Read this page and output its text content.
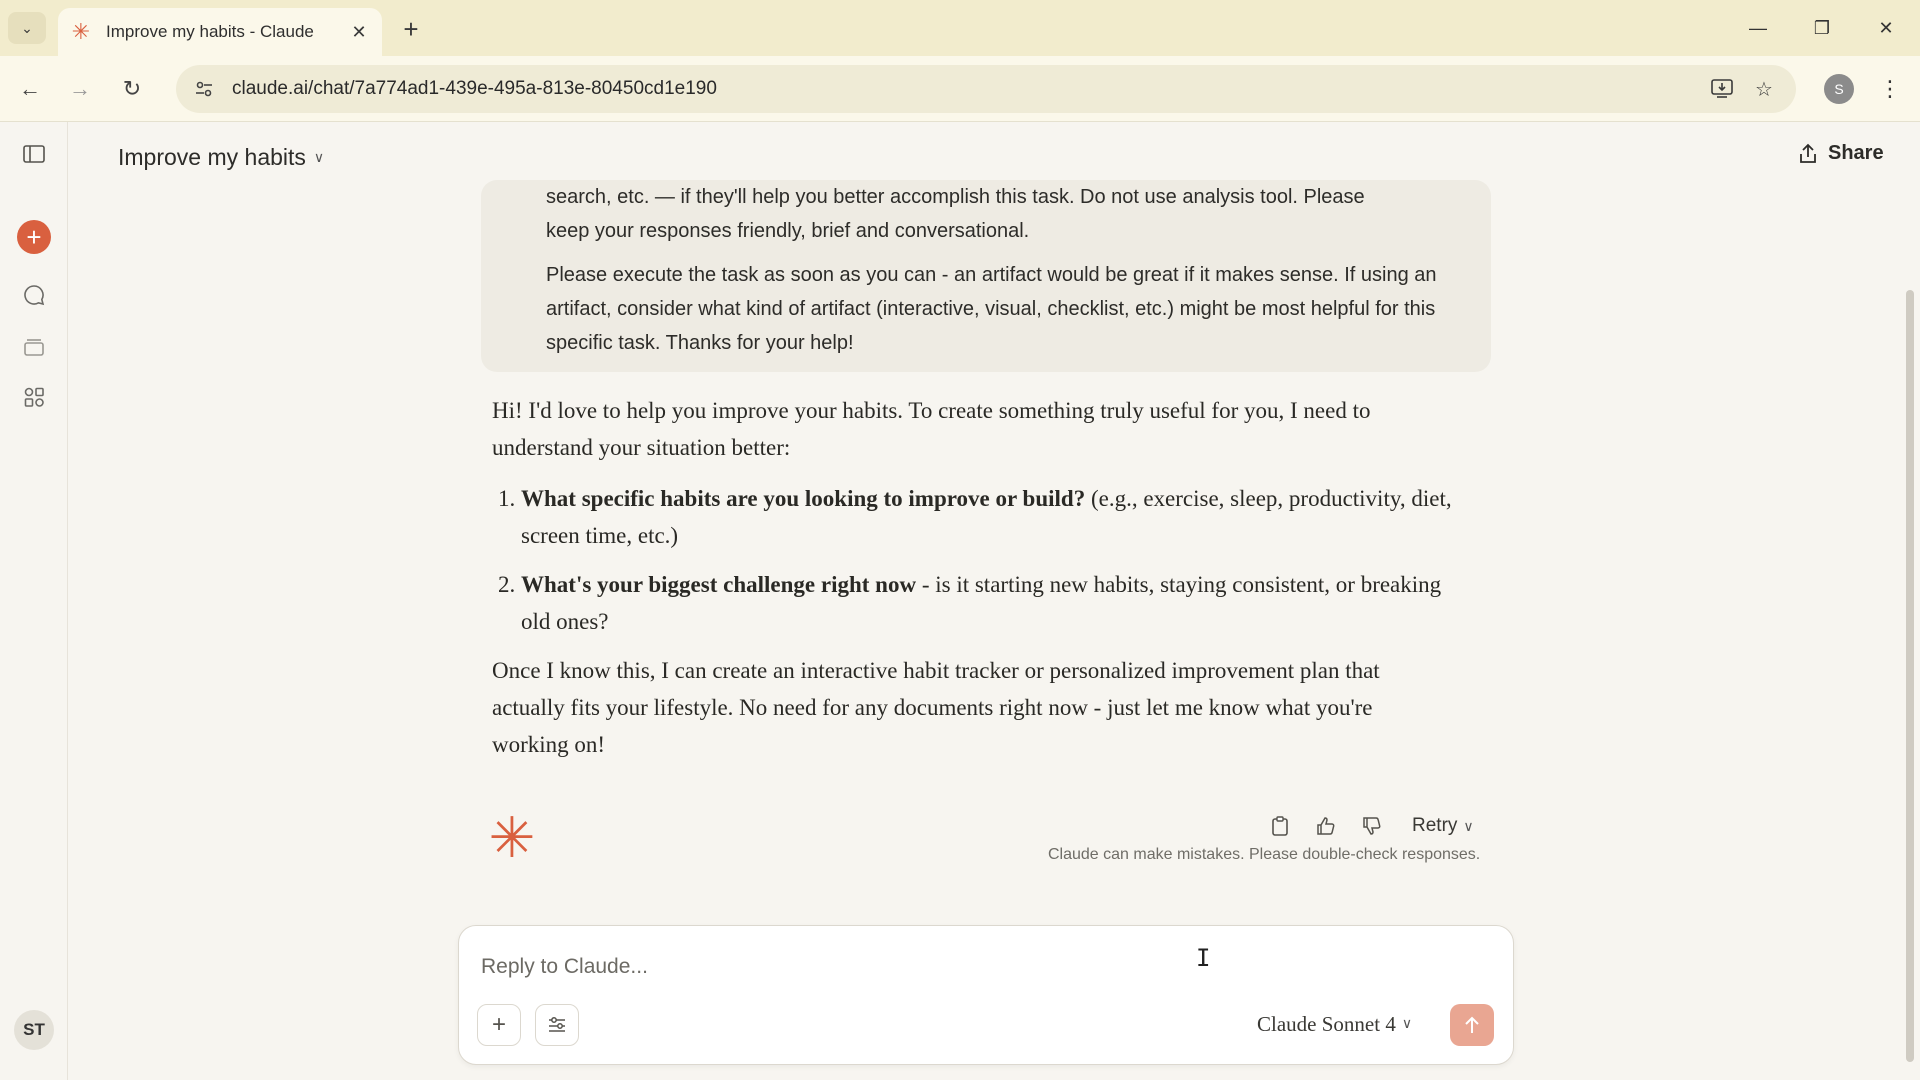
⌄ ✳ Improve my habits - Claude	✕ +	—	❐	✕
← → ↻	claude.ai/chat/7a774ad1-439e-495a-813e-80450cd1e190	☆	S	⋮
+
ST
Improve my habits ∨	Share

search, etc. — if they'll help you better accomplish this task. Do not use analysis tool. Please

keep your responses friendly, brief and conversational.

Please execute the task as soon as you can - an artifact would be great if it makes sense. If using an artifact, consider what kind of artifact (interactive, visual, checklist, etc.) might be most helpful for this specific task. Thanks for your help!

Hi! I'd love to help you improve your habits. To create something truly useful for you, I need to understand your situation better:

1. What specific habits are you looking to improve or build? (e.g., exercise, sleep, productivity, diet, screen time, etc.)
2. What's your biggest challenge right now - is it starting new habits, staying consistent, or breaking old ones?

Once I know this, I can create an interactive habit tracker or personalized improvement plan that actually fits your lifestyle. No need for any documents right now - just let me know what you're working on!

✳	Retry ∨
Claude can make mistakes. Please double-check responses.
Reply to Claude...
+	Claude Sonnet 4 ∨
I
